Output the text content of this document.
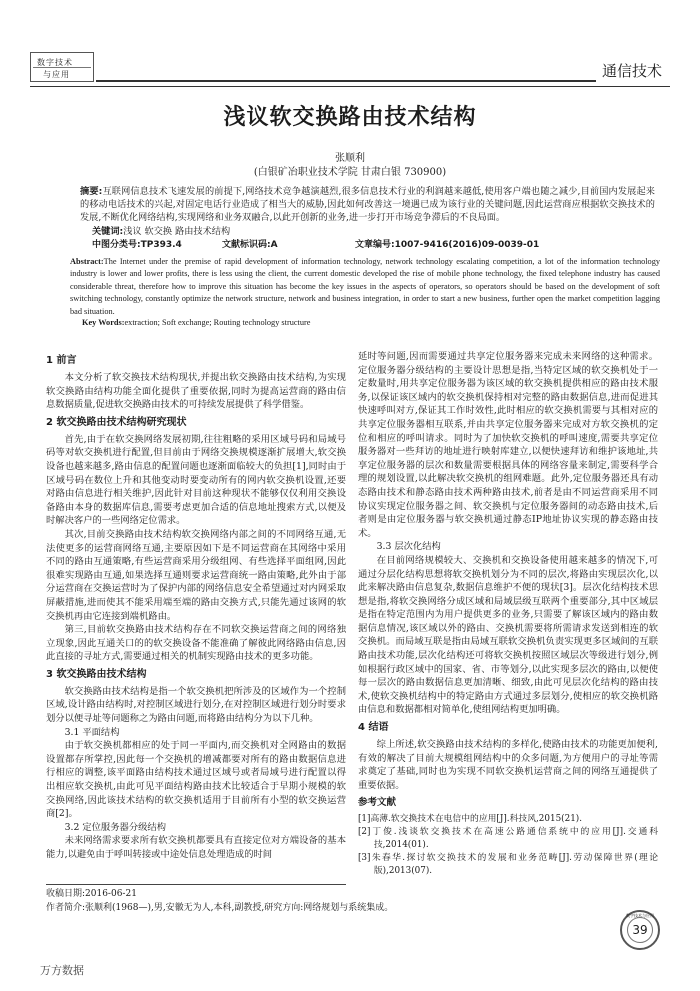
数字技术
与应用	通信技术
浅议软交换路由技术结构
张顺利
(白银矿冶职业技术学院 甘肃白银 730900)
摘要:互联网信息技术飞速发展的前提下,网络技术竞争越演越烈,很多信息技术行业的利润越来越低,使用客户端也随之减少,目前国内发展起来的移动电话技术的兴起,对固定电话行业造成了相当大的威胁,因此如何改善这一境遇已成为该行业的关键问题,因此运营商应根据软交换技术的发展,不断优化网络结构,实现网络和业务双融合,以此开创新的业务,进一步打开市场竞争滞后的不良局面。
关键词:浅议 软交换 路由技术结构
中图分类号:TP393.4	文献标识码:A	文章编号:1007-9416(2016)09-0039-01
Abstract:The Internet under the premise of rapid development of information technology, network technology escalating competition, a lot of the information technology industry is lower and lower profits, there is less using the client, the current domestic developed the rise of mobile phone technology, the fixed telephone industry has caused considerable threat, therefore how to improve this situation has become the key issues in the aspects of operators, so operators should be based on the development of soft switching technology, constantly optimize the network structure, network and business integration, in order to start a new business, further open the market competition lagging bad situation.
Key Words:extraction; Soft exchange; Routing technology structure
1 前言

本文分析了软交换技术结构现状,并提出软交换路由技术结构,为实现软交换路由结构功能全面化提供了重要依据,同时为提高运营商的路由信息数据质量,促进软交换路由技术的可持续发展提供了科学借鉴。

2 软交换路由技术结构研究现状

首先,由于在软交换网络发展初期,往往粗略的采用区域号码和局域号码等对软交换机进行配置,但目前由于网络交换规模逐渐扩展增大,软交换设备也越来越多,路由信息的配置问题也逐渐面临较大的负担[1],同时由于区域号码在数位上升和其他变动时要变动所有的网内软交换机设置,还要对路由信息进行相关维护,因此针对目前这种现状不能够仅仅利用交换设备路由本身的数据库信息,需要考虑更加合适的信息地址搜索方式,以便及时解决客户的一些网络定位需求。

其次,目前交换路由技术结构软交换网络内部之间的不同网络互通,无法使更多的运营商网络互通,主要原因如下是不同运营商在其网络中采用不同的路由互通策略,有些运营商采用分级组网、有些选择平面组网,因此很难实现路由互通,如果选择互通则要求运营商统一路由策略,此外由于部分运营商在交换运营时为了保护内部的网络信息安全希望通过对内网采取屏蔽措施,进而使其不能采用端至端的路由交换方式,只能先通过该网的软交换机再由它连接到端机路由。

第三,目前软交换路由技术结构存在不同软交换运营商之间的网络独立现象,因此互通关口的的软交换设备不能准确了解彼此网络路由信息,因此直接的寻址方式,需要通过相关的机制实现路由技术的更多功能。

3 软交换路由技术结构

软交换路由技术结构是指一个软交换机把所涉及的区域作为一个控制区域,设计路由结构时,对控制区域进行划分,在对控制区域进行划分时要求划分以便寻址等问题称之为路由问题,而将路由结构分为以下几种。

3.1 平面结构

由于软交换机都相应的处于同一平面内,而交换机对全网路由的数据设置都存所掌控,因此每一个交换机的增减都要对所有的路由数据信息进行相应的调整,该平面路由结构技术通过区域号或者局域号进行配置以得出相应软交换机,由此可见平面结构路由技术比较适合于早期小规模的软交换网络,因此该技术结构的软交换机适用于目前所有小型的软交换运营商[2]。

3.2 定位服务器分级结构

未来网络需求要求所有软交换机都要具有直接定位对方端设备的基本能力,以避免由于呼叫转接或中途处信息处理造成的时间

延时等问题,因而需要通过共享定位服务器来完成未来网络的这种需求。定位服务器分级结构的主要设计思想是指,当特定区域的软交换机处于一定数量时,用共享定位服务器为该区域的软交换机提供相应的路由技术服务,以保证该区域内的软交换机保持相对完整的路由数据信息,进而促进其快速呼叫对方,保证其工作时效性,此时相应的软交换机需要与其相对应的共享定位服务器相互联系,并由共享定位服务器来完成对方软交换机的定位和相应的呼叫请求。同时为了加快软交换机的呼叫速度,需要共享定位服务器对一些拜访的地址进行映射库建立,以便快速拜访和维护该地址,共享定位服务器的层次和数量需要根据具体的网络容量来制定,需要科学合理的规划设置,以此解决软交换机的组网难题。此外,定位服务器还具有动态路由技术和静态路由技术两种路由技术,前者是由不同运营商采用不同协议实现定位服务器之间、软交换机与定位服务器间的动态路由技术,后者则是由定位服务器与软交换机通过静态IP地址协议实现的静态路由技术。

3.3 层次化结构

在目前网络规模较大、交换机和交换设备使用越来越多的情况下,可通过分层化结构思想将软交换机划分为不同的层次,将路由实现层次化,以此来解决路由信息复杂,数据信息维护不便的现状[3]。层次化结构技术思想是指,将软交换网络分成区域和局域层级互联两个重要部分,其中区域层是指在特定范围内为用户提供更多的业务,只需要了解该区域内的路由数据信息情况,该区域以外的路由、交换机需要将所需请求发送到相连的软交换机。而局域互联是指由局域互联软交换机负责实现更多区域间的互联路由技术功能,层次化结构还可将软交换机按照区域层次等级进行划分,例如根据行政区域中的国家、省、市等划分,以此实现多层次的路由,以便使每一层次的路由数据信息更加清晰、细致,由此可见层次化结构的路由技术,使软交换机结构中的特定路由方式通过多层划分,使相应的软交换机路由信息和数据都相对简单化,使组网结构更加明确。

4 结语

综上所述,软交换路由技术结构的多样化,使路由技术的功能更加便利,有效的解决了目前大规模组网结构中的众多问题,为方便用户的寻址等需求奠定了基础,同时也为实现不同软交换机运营商之间的网络互通提供了重要依据。

参考文献
[1]高薄.软交换技术在电信中的应用[J].科技风,2015(21).
[2]丁俊.浅谈软交换技术在高速公路通信系统中的应用[J].交通科技,2014(01).
[3]朱春华.探讨软交换技术的发展和业务范畴[J].劳动保障世界(理论版),2013(07).
收稿日期:2016-06-21
作者简介:张顺利(1968—),男,安徽无为人,本科,副教授,研究方向:网络规划与系统集成。
数字技术与应用
39
万方数据
